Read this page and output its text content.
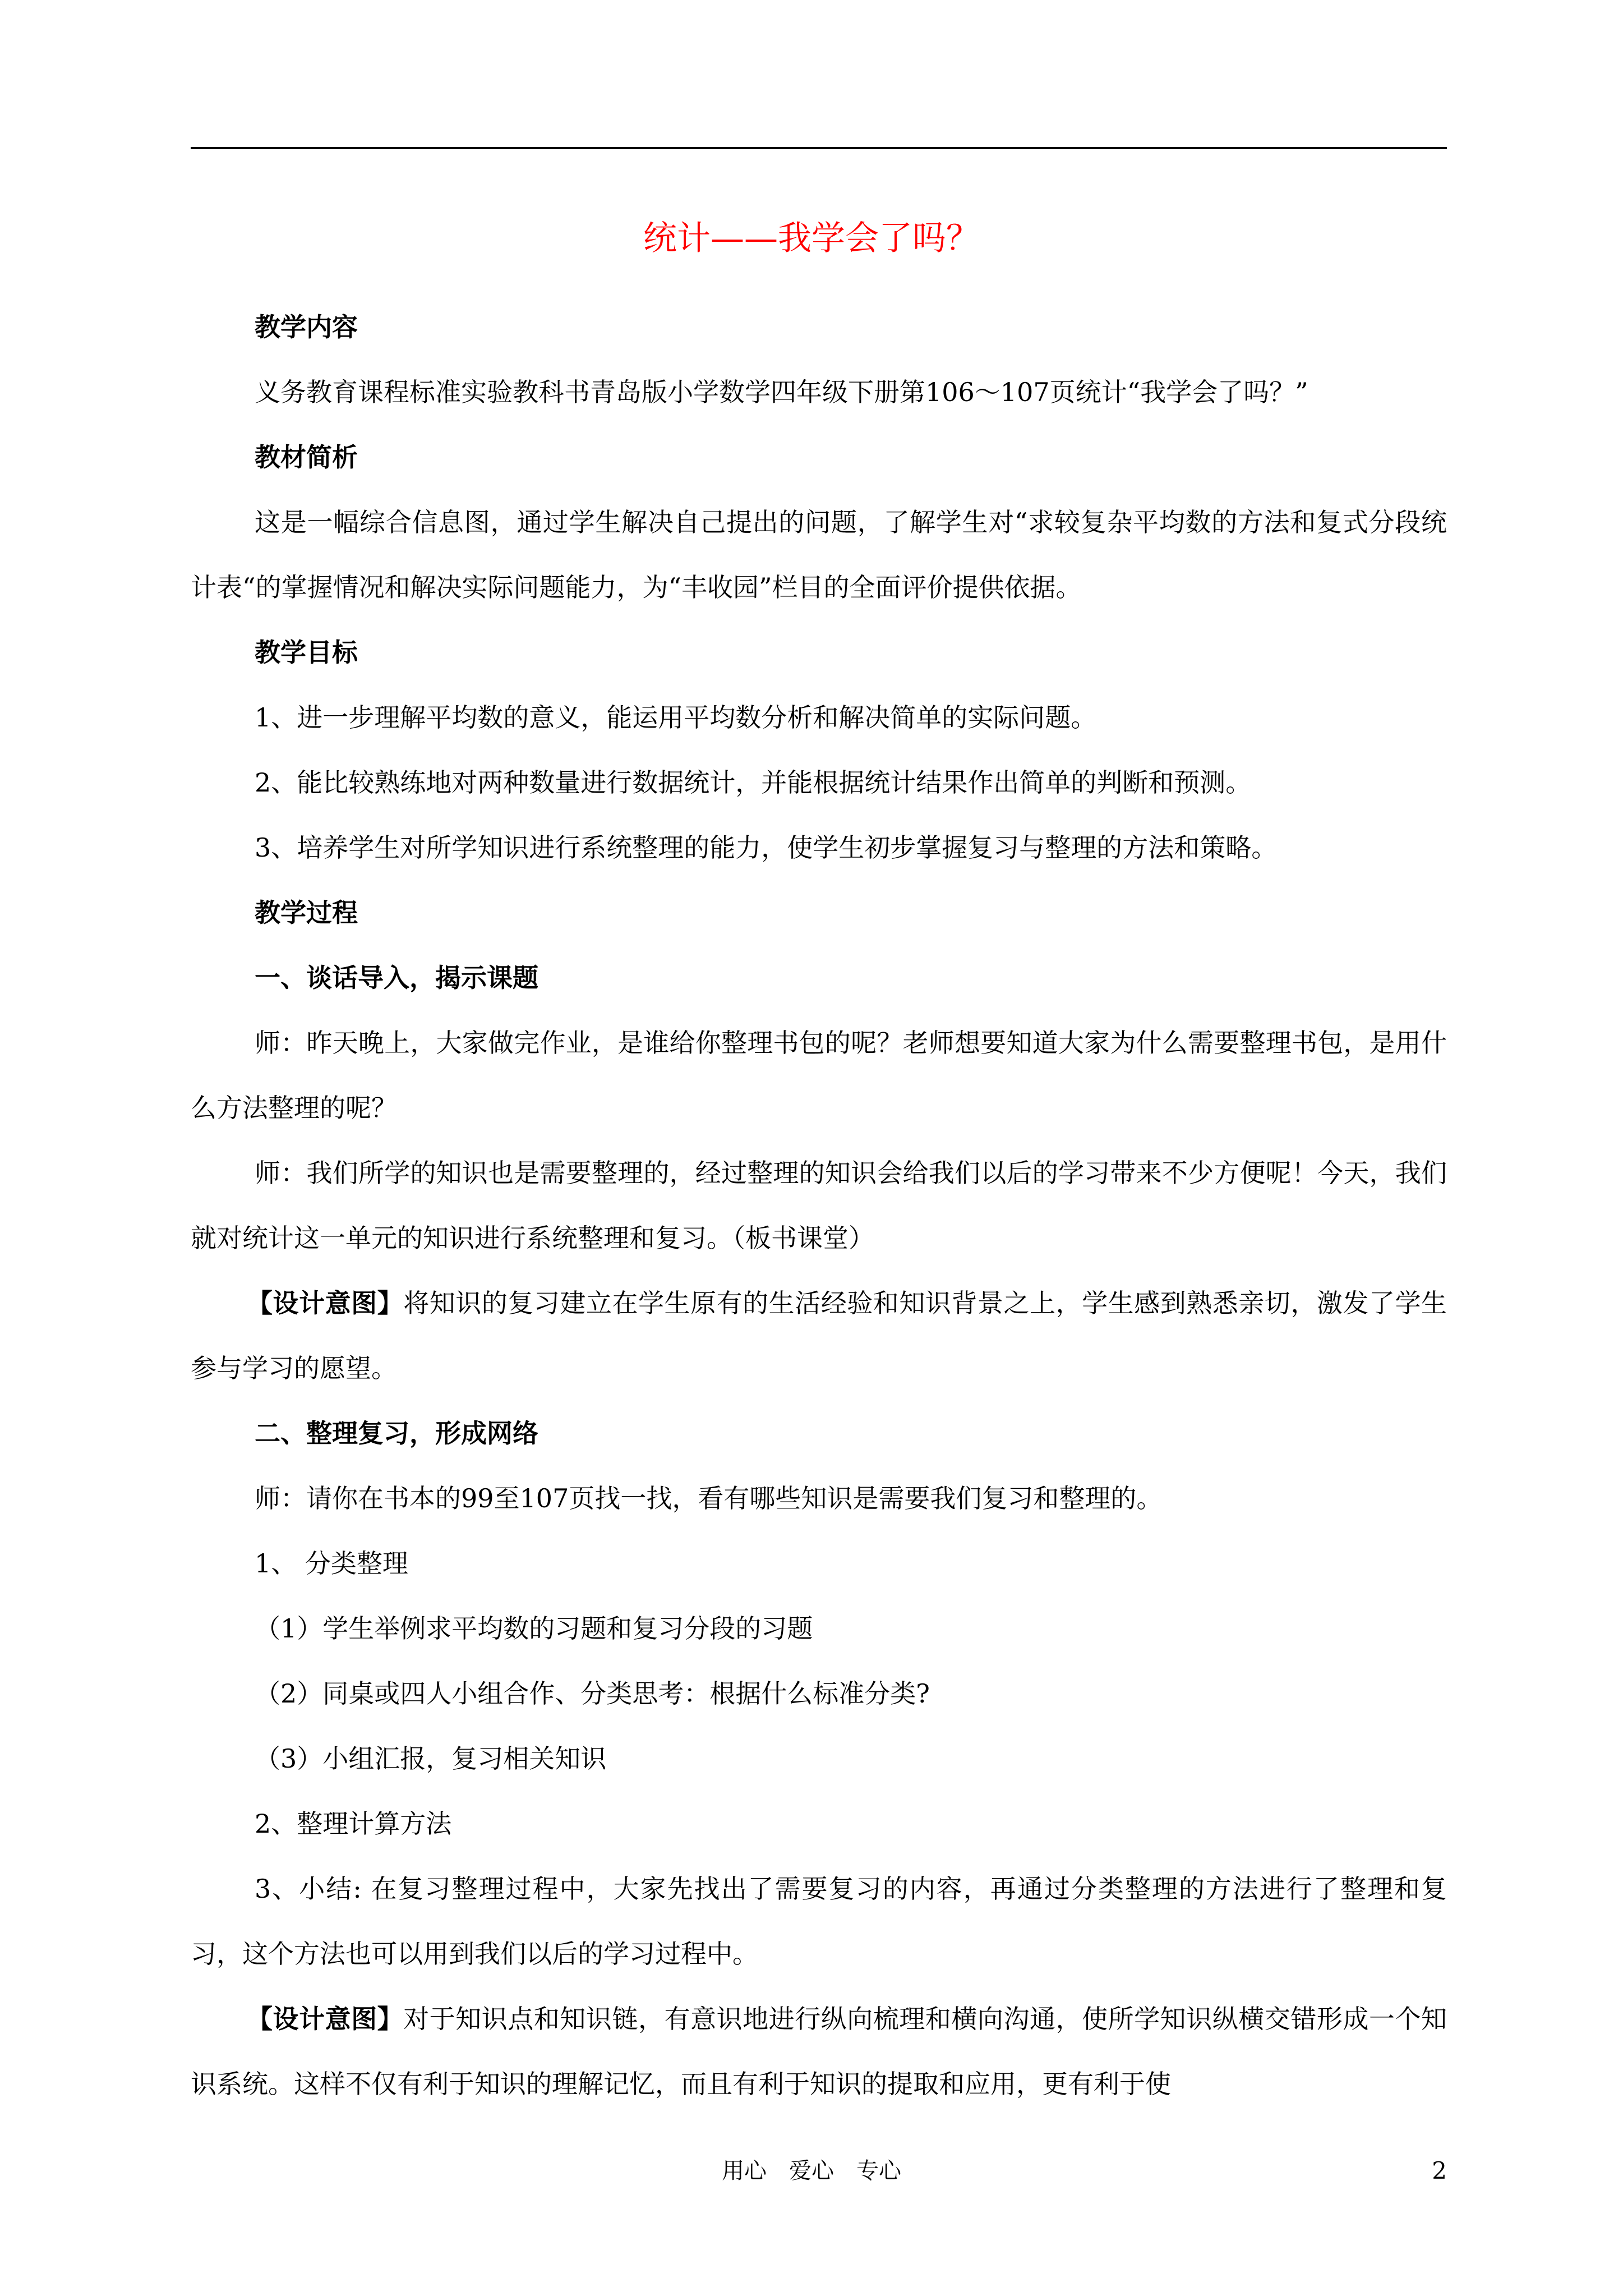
统计——我学会了吗？

教学内容

义务教育课程标准实验教科书青岛版小学数学四年级下册第106～107页统计“我学会了吗？”

教材简析

这是一幅综合信息图，通过学生解决自己提出的问题，了解学生对“求较复杂平均数的方法和复式分段统计表“的掌握情况和解决实际问题能力，为“丰收园”栏目的全面评价提供依据。

教学目标

1、进一步理解平均数的意义，能运用平均数分析和解决简单的实际问题。

2、能比较熟练地对两种数量进行数据统计，并能根据统计结果作出简单的判断和预测。

3、培养学生对所学知识进行系统整理的能力，使学生初步掌握复习与整理的方法和策略。

教学过程

一、谈话导入，揭示课题

师：昨天晚上，大家做完作业，是谁给你整理书包的呢？老师想要知道大家为什么需要整理书包，是用什么方法整理的呢？

师：我们所学的知识也是需要整理的，经过整理的知识会给我们以后的学习带来不少方便呢！今天，我们就对统计这一单元的知识进行系统整理和复习。（板书课堂）

【设计意图】将知识的复习建立在学生原有的生活经验和知识背景之上，学生感到熟悉亲切，激发了学生参与学习的愿望。

二、整理复习，形成网络

师：请你在书本的99至107页找一找，看有哪些知识是需要我们复习和整理的。

1、 分类整理

（1）学生举例求平均数的习题和复习分段的习题

（2）同桌或四人小组合作、分类思考：根据什么标准分类?

（3）小组汇报，复习相关知识

2、整理计算方法

3、小结: 在复习整理过程中，大家先找出了需要复习的内容，再通过分类整理的方法进行了整理和复习，这个方法也可以用到我们以后的学习过程中。

【设计意图】对于知识点和知识链，有意识地进行纵向梳理和横向沟通，使所学知识纵横交错形成一个知识系统。这样不仅有利于知识的理解记忆，而且有利于知识的提取和应用，更有利于使

用心　爱心　专心	2
